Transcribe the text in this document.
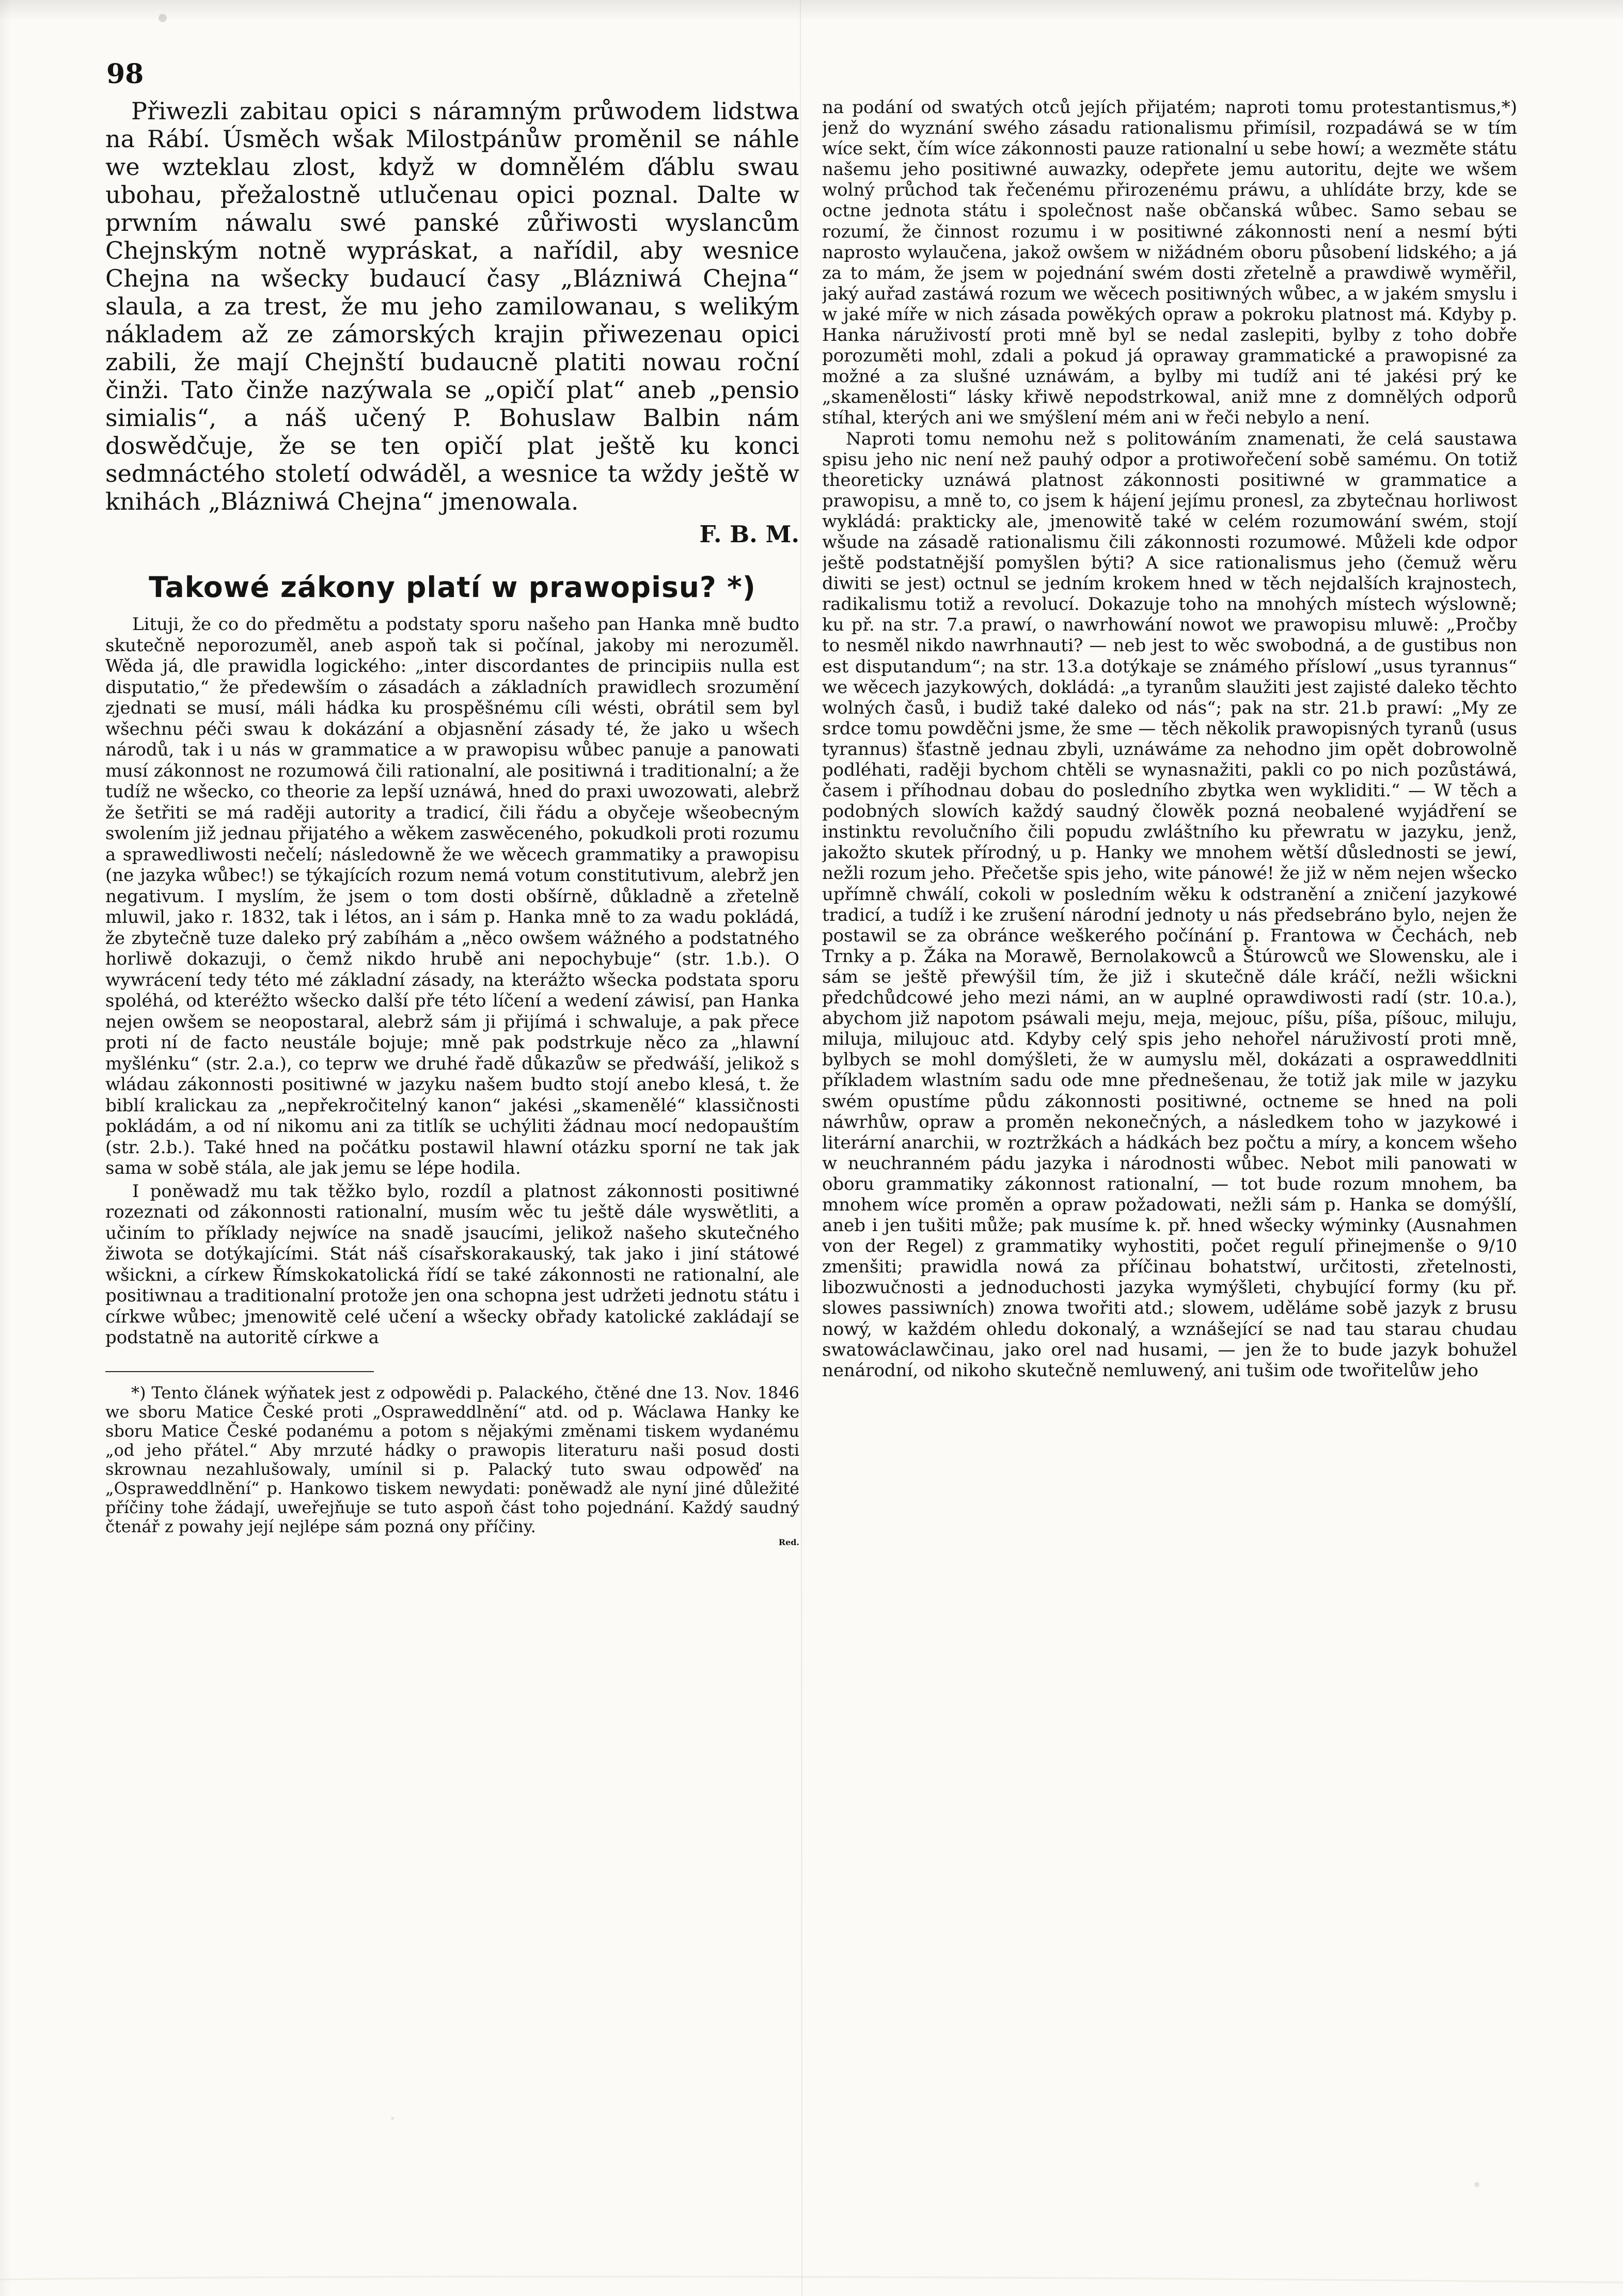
98

Přiwezli zabitau opici s náramným průwodem lidstwa na Rábí. Úsměch wšak Milostpánůw proměnil se náhle we wzteklau zlost, když w domnělém ďáblu swau ubohau, přežalostně utlučenau opici poznal. Dalte w prwním náwalu swé panské zůřiwosti wyslancům Chejnským notně wypráskat, a nařídil, aby wesnice Chejna na wšecky budaucí časy „Blázniwá Chejna“ slaula, a za trest, že mu jeho zamilowanau, s welikým nákladem až ze zámorských krajin přiwezenau opici zabili, že mají Chejnští budaucně platiti nowau roční činži. Tato činže nazýwala se „opičí plat“ aneb „pensio simialis“, a náš učený P. Bohuslaw Balbin nám doswědčuje, že se ten opičí plat ještě ku konci sedmnáctého století odwáděl, a wesnice ta wždy ještě w knihách „Blázniwá Chejna“ jmenowala.

F. B. M.
Takowé zákony platí w prawopisu? *)

Lituji, že co do předmětu a podstaty sporu našeho pan Hanka mně budto skutečně neporozuměl, aneb aspoň tak si počínal, jakoby mi nerozuměl. Wěda já, dle prawidla logického: „inter discordantes de principiis nulla est disputatio,“ že předewším o zásadách a základních prawidlech srozumění zjednati se musí, máli hádka ku prospěšnému cíli wésti, obrátil sem byl wšechnu péči swau k dokázání a objasnění zásady té, že jako u wšech národů, tak i u nás w grammatice a w prawopisu wůbec panuje a panowati musí zákonnost ne rozumowá čili rationalní, ale positiwná i traditionalní; a že tudíž ne wšecko, co theorie za lepší uznáwá, hned do praxi uwozowati, alebrž že šetřiti se má raději autority a tradicí, čili řádu a obyčeje wšeobecným swolením již jednau přijatého a wěkem zaswěceného, pokudkoli proti rozumu a sprawedliwosti nečelí; následowně že we wěcech grammatiky a prawopisu (ne jazyka wůbec!) se týkajících rozum nemá votum constitutivum, alebrž jen negativum. I myslím, že jsem o tom dosti obšírně, důkladně a zřetelně mluwil, jako r. 1832, tak i létos, an i sám p. Hanka mně to za wadu pokládá, že zbytečně tuze daleko prý zabíhám a „něco owšem wážného a podstatného horliwě dokazuji, o čemž nikdo hrubě ani nepochybuje“ (str. 1.b.). O wywrácení tedy této mé základní zásady, na kterážto wšecka podstata sporu spoléhá, od kteréžto wšecko další pře této líčení a wedení záwisí, pan Hanka nejen owšem se neopostaral, alebrž sám ji přijímá i schwaluje, a pak přece proti ní de facto neustále bojuje; mně pak podstrkuje něco za „hlawní myšlénku“ (str. 2.a.), co teprw we druhé řadě důkazůw se předwáší, jelikož s wládau zákonnosti positiwné w jazyku našem budto stojí anebo klesá, t. že biblí kralickau za „nepřekročitelný kanon“ jakési „skamenělé“ klassičnosti pokládám, a od ní nikomu ani za titlík se uchýliti žádnau mocí nedopauštím (str. 2.b.). Také hned na počátku postawil hlawní otázku sporní ne tak jak sama w sobě stála, ale jak jemu se lépe hodila.

I poněwadž mu tak těžko bylo, rozdíl a platnost zákonnosti positiwné rozeznati od zákonnosti rationalní, musím wěc tu ještě dále wyswětliti, a učiním to příklady nejwíce na snadě jsaucími, jelikož našeho skutečného žiwota se dotýkajícími. Stát náš císařskorakauský, tak jako i jiní státowé wšicknі, a církew Římskokatolická řídí se také zákonnosti ne rationalní, ale positiwnau a traditionalní protože jen ona schopna jest udržeti jednotu státu i církwe wůbec; jmenowitě celé učení a wšecky obřady katolické zakládají se podstatně na autoritě církwe a

*) Tento článek wýňatek jest z odpowědi p. Palackého, čtěné dne 13. Nov. 1846 we sboru Matice České proti „Ospraweddlnění“ atd. od p. Wáclawa Hanky ke sboru Matice České podanému a potom s nějakými změnami tiskem wydanému „od jeho přátel.“ Aby mrzuté hádky o prawopis literaturu naši posud dosti skrownau nezahlušowaly, umínil si p. Palacký tuto swau odpowěď na „Ospraweddlnění“ p. Hankowo tiskem newydati: poněwadž ale nyní jiné důležité příčiny tohe žádají, uweřejňuje se tuto aspoň část toho pojednání. Každý saudný čtenář z powahy její nejlépe sám pozná ony příčiny.

Red.

na podání od swatých otců jejích přijatém; naproti tomu protestantismus,*) jenž do wyznání swého zásadu rationalismu přimísil, rozpadáwá se w tím wíce sekt, čím wíce zákonnosti pauze rationalní u sebe howí; a wezměte státu našemu jeho positiwné auwazky, odepřete jemu autoritu, dejte we wšem wolný průchod tak řečenému přirozenému práwu, a uhlídáte brzy, kde se octne jednota státu i společnost naše občanská wůbec. Samo sebau se rozumí, že činnost rozumu i w positiwné zákonnosti není a nesmí býti naprosto wylaučena, jakož owšem w nižádném oboru působení lidského; a já za to mám, že jsem w pojednání swém dosti zřetelně a prawdiwě wyměřil, jaký auřad zastáwá rozum we wěcech positiwných wůbec, a w jakém smyslu i w jaké míře w nich zásada powěkých opraw a pokroku platnost má. Kdyby p. Hanka náruživostí proti mně byl se nedal zaslepiti, bylby z toho dobře porozuměti mohl, zdali a pokud já opraway grammatické a prawopisné za možné a za slušné uznáwám, a bylby mi tudíž ani té jakési prý ke „skamenělosti“ lásky křiwě nepodstrkowal, aniž mne z domnělých odporů stíhal, kterých ani we smýšlení mém ani w řeči nebylo a není.

Naproti tomu nemohu než s politowáním znamenati, že celá saustawa spisu jeho nic není než pauhý odpor a protiwořečení sobě samému. On totiž theoreticky uznáwá platnost zákonnosti positiwné w grammatice a prawopisu, a mně to, co jsem k hájení jejímu pronesl, za zbytečnau horliwost wykládá: prakticky ale, jmenowitě také w celém rozumowání swém, stojí wšude na zásadě rationalismu čili zákonnosti rozumowé. Můželi kde odpor ještě podstatnější pomyšlen býti? A sice rationalismus jeho (čemuž wěru diwiti se jest) octnul se jedním krokem hned w těch nejdalších krajnostech, radikalismu totiž a revolucí. Dokazuje toho na mnohých místech wýslowně; ku př. na str. 7.a prawí, o nawrhowání nowot we prawopisu mluwě: „Pročby to nesměl nikdo nawrhnauti? — neb jest to wěc swobodná, a de gustibus non est disputandum“; na str. 13.a dotýkaje se známého příslowí „usus tyrannus“ we wěcech jazykowých, dokládá: „a tyranům slaužiti jest zajisté daleko těchto wolných časů, i budiž také daleko od nás“; pak na str. 21.b prawí: „My ze srdce tomu powděčni jsme, že sme — těch několik prawopisných tyranů (usus tyrannus) šťastně jednau zbyli, uznáwáme za nehodno jim opět dobrowolně podléhati, raději bychom chtěli se wynasnažiti, pakli co po nich pozůstáwá, časem i příhodnau dobau do posledního zbytka wen wykliditi.“ — W těch a podobných slowích každý saudný člowěk pozná neobalené wyjádření se instinktu revolučního čili popudu zwláštního ku přewratu w jazyku, jenž, jakožto skutek přírodný, u p. Hanky we mnohem wětší důslednosti se jewí, nežli rozum jeho. Přečetše spis jeho, wite pánowé! že již w něm nejen wšecko upřímně chwálí, cokoli w posledním wěku k odstranění a zničení jazykowé tradicí, a tudíž i ke zrušení národní jednoty u nás předsebráno bylo, nejen že postawil se za obránce weškerého počínání p. Frantowa w Čechách, neb Trnky a p. Žáka na Morawě, Bernolakowců a Štúrowců we Slowensku, ale i sám se ještě přewýšil tím, že již i skutečně dále kráčí, nežli wšickni předchůdcowé jeho mezi námi, an w auplné oprawdiwosti radí (str. 10.a.), abychom již napotom psáwali meju, meja, mejouc, píšu, píša, píšouc, miluju, milujа, milujouc atd. Kdyby celý spis jeho nehořel náruživostí proti mně, bylbych se mohl domýšleti, že w aumyslu měl, dokázati a ospraweddlniti příkladem wlastním sadu ode mne přednešenau, že totiž jak mile w jazyku swém opustíme půdu zákonnosti positiwné, octneme se hned na poli náwrhůw, opraw a proměn nekonečných, a následkem toho w jazykowé i literární anarchii, w roztržkách a hádkách bez počtu a míry, a koncem wšeho w neuchranném pádu jazyka i národnosti wůbec. Nebot mili panowati w oboru grammatiky zákonnost rationalní, — tot bude rozum mnohem, ba mnohem wíce proměn a opraw požadowati, nežli sám p. Hanka se domýšlí, aneb i jen tušiti může; pak musíme k. př. hned wšecky wýminky (Ausnahmen von der Regel) z grammatiky wyhostiti, počet regulí přinejmenše o 9/10 zmenšiti; prawidla nowá za příčinau bohatstwí, určitosti, zřetelnosti, libozwučnosti a jednoduchosti jazyka wymýšleti, chybující formy (ku př. slowes passiwních) znowa twořiti atd.; slowem, uděláme sobě jazyk z brusu nowý, w každém ohledu dokonalý, a wznášející se nad tau starau chudau swatowáclawčinau, jako orel nad husami, — jen že to bude jazyk bohužel nenárodní, od nikoho skutečně nemluwený, ani tušim ode twořitelůw jeho
